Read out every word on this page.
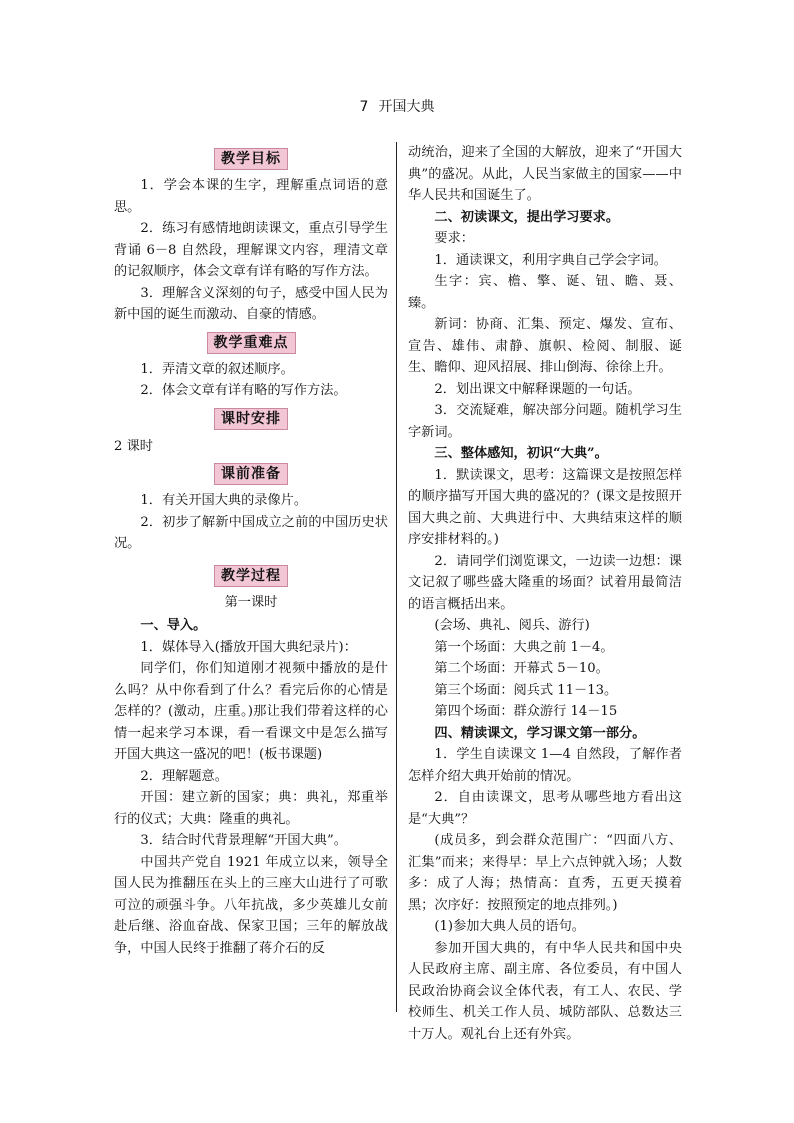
7 开国大典
教学目标

1．学会本课的生字，理解重点词语的意思。

2．练习有感情地朗读课文，重点引导学生背诵 6－8 自然段，理解课文内容，理清文章的记叙顺序，体会文章有详有略的写作方法。

3．理解含义深刻的句子，感受中国人民为新中国的诞生而激动、自豪的情感。

教学重难点

1．弄清文章的叙述顺序。

2．体会文章有详有略的写作方法。

课时安排

2 课时

课前准备

1．有关开国大典的录像片。

2．初步了解新中国成立之前的中国历史状况。

教学过程
第一课时

一、导入。

1．媒体导入(播放开国大典纪录片)：

同学们，你们知道刚才视频中播放的是什么吗？从中你看到了什么？看完后你的心情是怎样的？(激动，庄重。)那让我们带着这样的心情一起来学习本课，看一看课文中是怎么描写开国大典这一盛况的吧！(板书课题)

2．理解题意。

开国：建立新的国家；典：典礼，郑重举行的仪式；大典：隆重的典礼。

3．结合时代背景理解“开国大典”。

中国共产党自 1921 年成立以来，领导全国人民为推翻压在头上的三座大山进行了可歌可泣的顽强斗争。八年抗战，多少英雄儿女前赴后继、浴血奋战、保家卫国；三年的解放战争，中国人民终于推翻了蒋介石的反

动统治，迎来了全国的大解放，迎来了“开国大典”的盛况。从此，人民当家做主的国家——中华人民共和国诞生了。

二、初读课文，提出学习要求。

要求：

1．通读课文，利用字典自己学会字词。

生字：宾、檐、擎、诞、钮、瞻、聂、臻。

新词：协商、汇集、预定、爆发、宣布、宣告、雄伟、肃静、旗帜、检阅、制服、诞生、瞻仰、迎风招展、排山倒海、徐徐上升。

2．划出课文中解释课题的一句话。

3．交流疑难，解决部分问题。随机学习生字新词。

三、整体感知，初识“大典”。

1．默读课文，思考：这篇课文是按照怎样的顺序描写开国大典的盛况的？(课文是按照开国大典之前、大典进行中、大典结束这样的顺序安排材料的。)

2．请同学们浏览课文，一边读一边想：课文记叙了哪些盛大隆重的场面？试着用最简洁的语言概括出来。

(会场、典礼、阅兵、游行)

第一个场面：大典之前 1－4。

第二个场面：开幕式 5－10。

第三个场面：阅兵式 11－13。

第四个场面：群众游行 14－15

四、精读课文，学习课文第一部分。

1．学生自读课文 1—4 自然段，了解作者怎样介绍大典开始前的情况。

2．自由读课文，思考从哪些地方看出这是“大典”？

(成员多，到会群众范围广：“四面八方、汇集”而来；来得早：早上六点钟就入场；人数多：成了人海；热情高：直秀，五更天摸着黑；次序好：按照预定的地点排列。)

(1)参加大典人员的语句。

参加开国大典的，有中华人民共和国中央人民政府主席、副主席、各位委员，有中国人民政治协商会议全体代表，有工人、农民、学校师生、机关工作人员、城防部队、总数达三十万人。观礼台上还有外宾。
